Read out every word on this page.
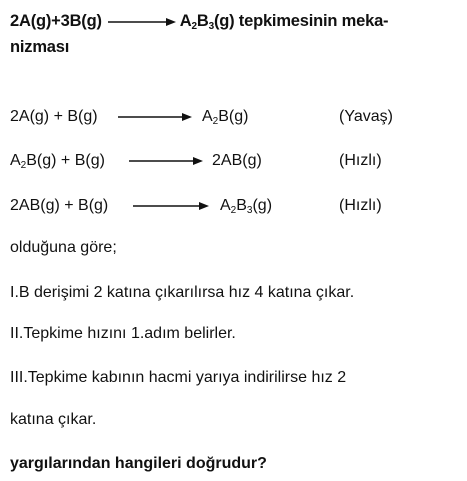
2A(g)+3B(g)	$A_2B_3(g)$ tepkimesinin meka-
nizması
2A(g) + B(g)	$A_2B(g)$	(Yavaş)
$A_2B(g) + B(g)$	2AB(g)	(Hızlı)
2AB(g) + B(g)	$A_2B_3(g)$	(Hızlı)
olduğuna göre;
I.B derişimi 2 katına çıkarılırsa hız 4 katına çıkar.
II.Tepkime hızını 1.adım belirler.
III.Tepkime kabının hacmi yarıya indirilirse hız 2
katına çıkar.
yargılarından hangileri doğrudur?
